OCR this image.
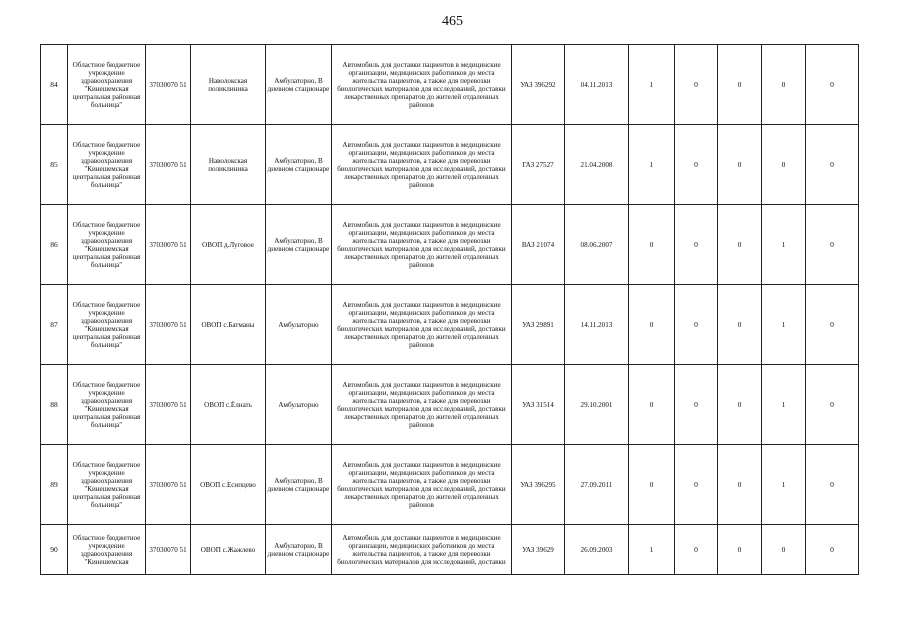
465
84	Областное бюджетное учреждение здравоохранения "Кинешемская центральная районная больница"	37030070 51	Наволокская поликлиника	Амбулаторно, В дневном стационаре	Автомобиль для доставки пациентов в медицинские организации, медицинских работников до места жительства пациентов, а также для перевозки биологических материалов для исследований, доставки лекарственных препаратов до жителей отдаленных районов	УАЗ 396292	04.11.2013	1	0	0	0	0

85	Областное бюджетное учреждение здравоохранения "Кинешемская центральная районная больница"	37030070 51	Наволокская поликлиника	Амбулаторно, В дневном стационаре	Автомобиль для доставки пациентов в медицинские организации, медицинских работников до места жительства пациентов, а также для перевозки биологических материалов для исследований, доставки лекарственных препаратов до жителей отдаленных районов	ГАЗ 27527	21.04.2008	1	0	0	0	0

86	Областное бюджетное учреждение здравоохранения "Кинешемская центральная районная больница"	37030070 51	ОВОП д.Луговое	Амбулаторно, В дневном стационаре	Автомобиль для доставки пациентов в медицинские организации, медицинских работников до места жительства пациентов, а также для перевозки биологических материалов для исследований, доставки лекарственных препаратов до жителей отдаленных районов	ВАЗ 21074	08.06.2007	0	0	0	1	0

87	Областное бюджетное учреждение здравоохранения "Кинешемская центральная районная больница"	37030070 51	ОВОП с.Батманы	Амбулаторно	Автомобиль для доставки пациентов в медицинские организации, медицинских работников до места жительства пациентов, а также для перевозки биологических материалов для исследований, доставки лекарственных препаратов до жителей отдаленных районов	УАЗ 29891	14.11.2013	0	0	0	1	0

88	Областное бюджетное учреждение здравоохранения "Кинешемская центральная районная больница"	37030070 51	ОВОП с.Ёлнать	Амбулаторно	Автомобиль для доставки пациентов в медицинские организации, медицинских работников до места жительства пациентов, а также для перевозки биологических материалов для исследований, доставки лекарственных препаратов до жителей отдаленных районов	УАЗ 31514	29.10.2001	0	0	0	1	0

89	Областное бюджетное учреждение здравоохранения "Кинешемская центральная районная больница"	37030070 51	ОВОП с.Есипцево	Амбулаторно, В дневном стационаре	Автомобиль для доставки пациентов в медицинские организации, медицинских работников до места жительства пациентов, а также для перевозки биологических материалов для исследований, доставки лекарственных препаратов до жителей отдаленных районов	УАЗ 396295	27.09.2011	0	0	0	1	0

90	Областное бюджетное учреждение здравоохранения "Кинешемская	37030070 51	ОВОП с.Жажлево	Амбулаторно, В дневном стационаре	Автомобиль для доставки пациентов в медицинские организации, медицинских работников до места жительства пациентов, а также для перевозки биологических материалов для исследований, доставки	УАЗ 39629	26.09.2003	1	0	0	0	0
